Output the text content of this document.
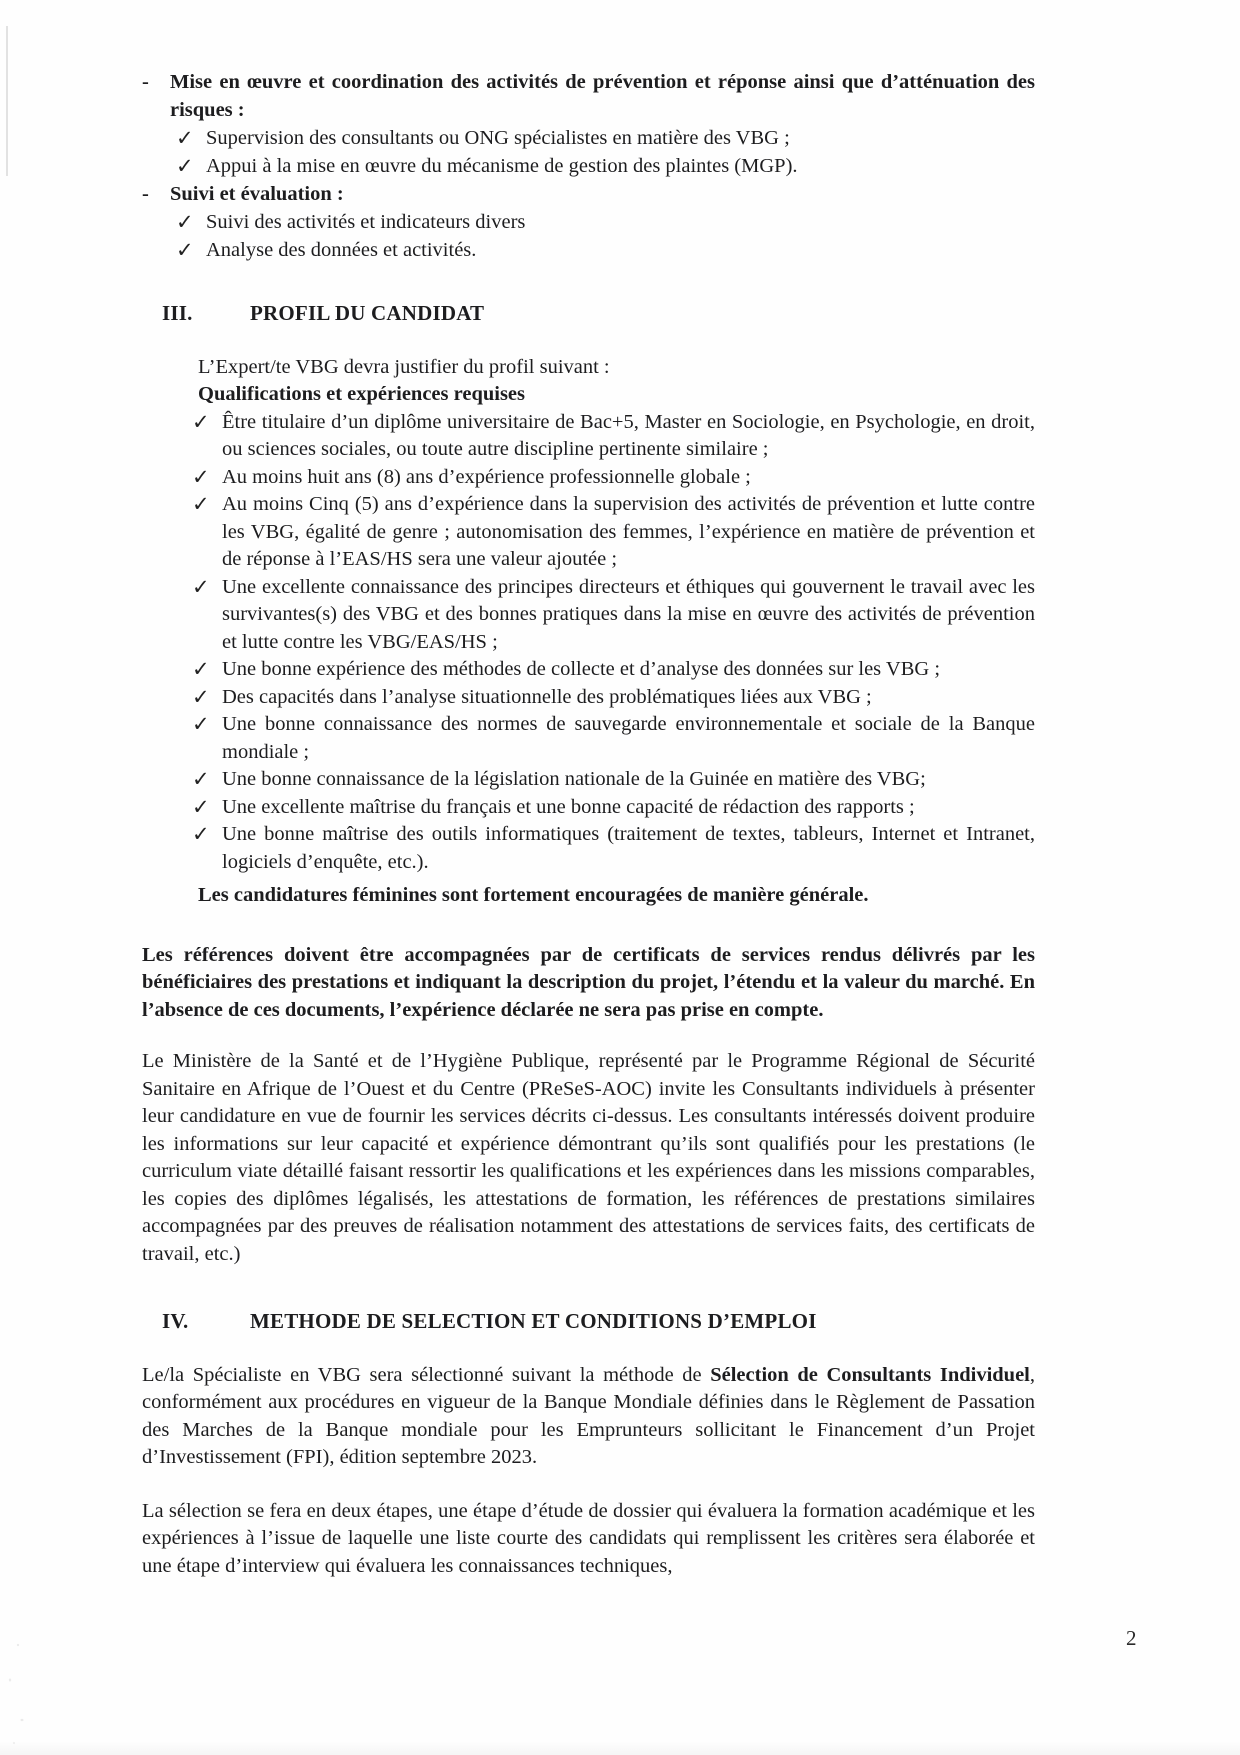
-	Mise en œuvre et coordination des activités de prévention et réponse ainsi que d’atténuation des risques :
✓ Supervision des consultants ou ONG spécialistes en matière des VBG ;
✓ Appui à la mise en œuvre du mécanisme de gestion des plaintes (MGP).
-	Suivi et évaluation :
✓ Suivi des activités et indicateurs divers
✓ Analyse des données et activités.
III.	PROFIL DU CANDIDAT
L’Expert/te VBG devra justifier du profil suivant :
Qualifications et expériences requises
✓ Être titulaire d’un diplôme universitaire de Bac+5, Master en Sociologie, en Psychologie, en droit, ou sciences sociales, ou toute autre discipline pertinente similaire ;
✓ Au moins huit ans (8) ans d’expérience professionnelle globale ;
✓ Au moins Cinq (5) ans d’expérience dans la supervision des activités de prévention et lutte contre les VBG, égalité de genre ; autonomisation des femmes, l’expérience en matière de prévention et de réponse à l’EAS/HS sera une valeur ajoutée ;
✓ Une excellente connaissance des principes directeurs et éthiques qui gouvernent le travail avec les survivantes(s) des VBG et des bonnes pratiques dans la mise en œuvre des activités de prévention et lutte contre les VBG/EAS/HS ;
✓ Une bonne expérience des méthodes de collecte et d’analyse des données sur les VBG ;
✓ Des capacités dans l’analyse situationnelle des problématiques liées aux VBG ;
✓ Une bonne connaissance des normes de sauvegarde environnementale et sociale de la Banque mondiale ;
✓ Une bonne connaissance de la législation nationale de la Guinée en matière des VBG;
✓ Une excellente maîtrise du français et une bonne capacité de rédaction des rapports ;
✓ Une bonne maîtrise des outils informatiques (traitement de textes, tableurs, Internet et Intranet, logiciels d’enquête, etc.).
Les candidatures féminines sont fortement encouragées de manière générale.
Les références doivent être accompagnées par de certificats de services rendus délivrés par les bénéficiaires des prestations et indiquant la description du projet, l’étendu et la valeur du marché. En l’absence de ces documents, l’expérience déclarée ne sera pas prise en compte.
Le Ministère de la Santé et de l’Hygiène Publique, représenté par le Programme Régional de Sécurité Sanitaire en Afrique de l’Ouest et du Centre (PReSeS-AOC) invite les Consultants individuels à présenter leur candidature en vue de fournir les services décrits ci-dessus. Les consultants intéressés doivent produire les informations sur leur capacité et expérience démontrant qu’ils sont qualifiés pour les prestations (le curriculum viate détaillé faisant ressortir les qualifications et les expériences dans les missions comparables, les copies des diplômes légalisés, les attestations de formation, les références de prestations similaires accompagnées par des preuves de réalisation notamment des attestations de services faits, des certificats de travail, etc.)
IV.	METHODE DE SELECTION ET CONDITIONS D’EMPLOI
Le/la Spécialiste en VBG sera sélectionné suivant la méthode de Sélection de Consultants Individuel, conformément aux procédures en vigueur de la Banque Mondiale définies dans le Règlement de Passation des Marches de la Banque mondiale pour les Emprunteurs sollicitant le Financement d’un Projet d’Investissement (FPI), édition septembre 2023.
La sélection se fera en deux étapes, une étape d’étude de dossier qui évaluera la formation académique et les expériences à l’issue de laquelle une liste courte des candidats qui remplissent les critères sera élaborée et une étape d’interview qui évaluera les connaissances techniques,
2
